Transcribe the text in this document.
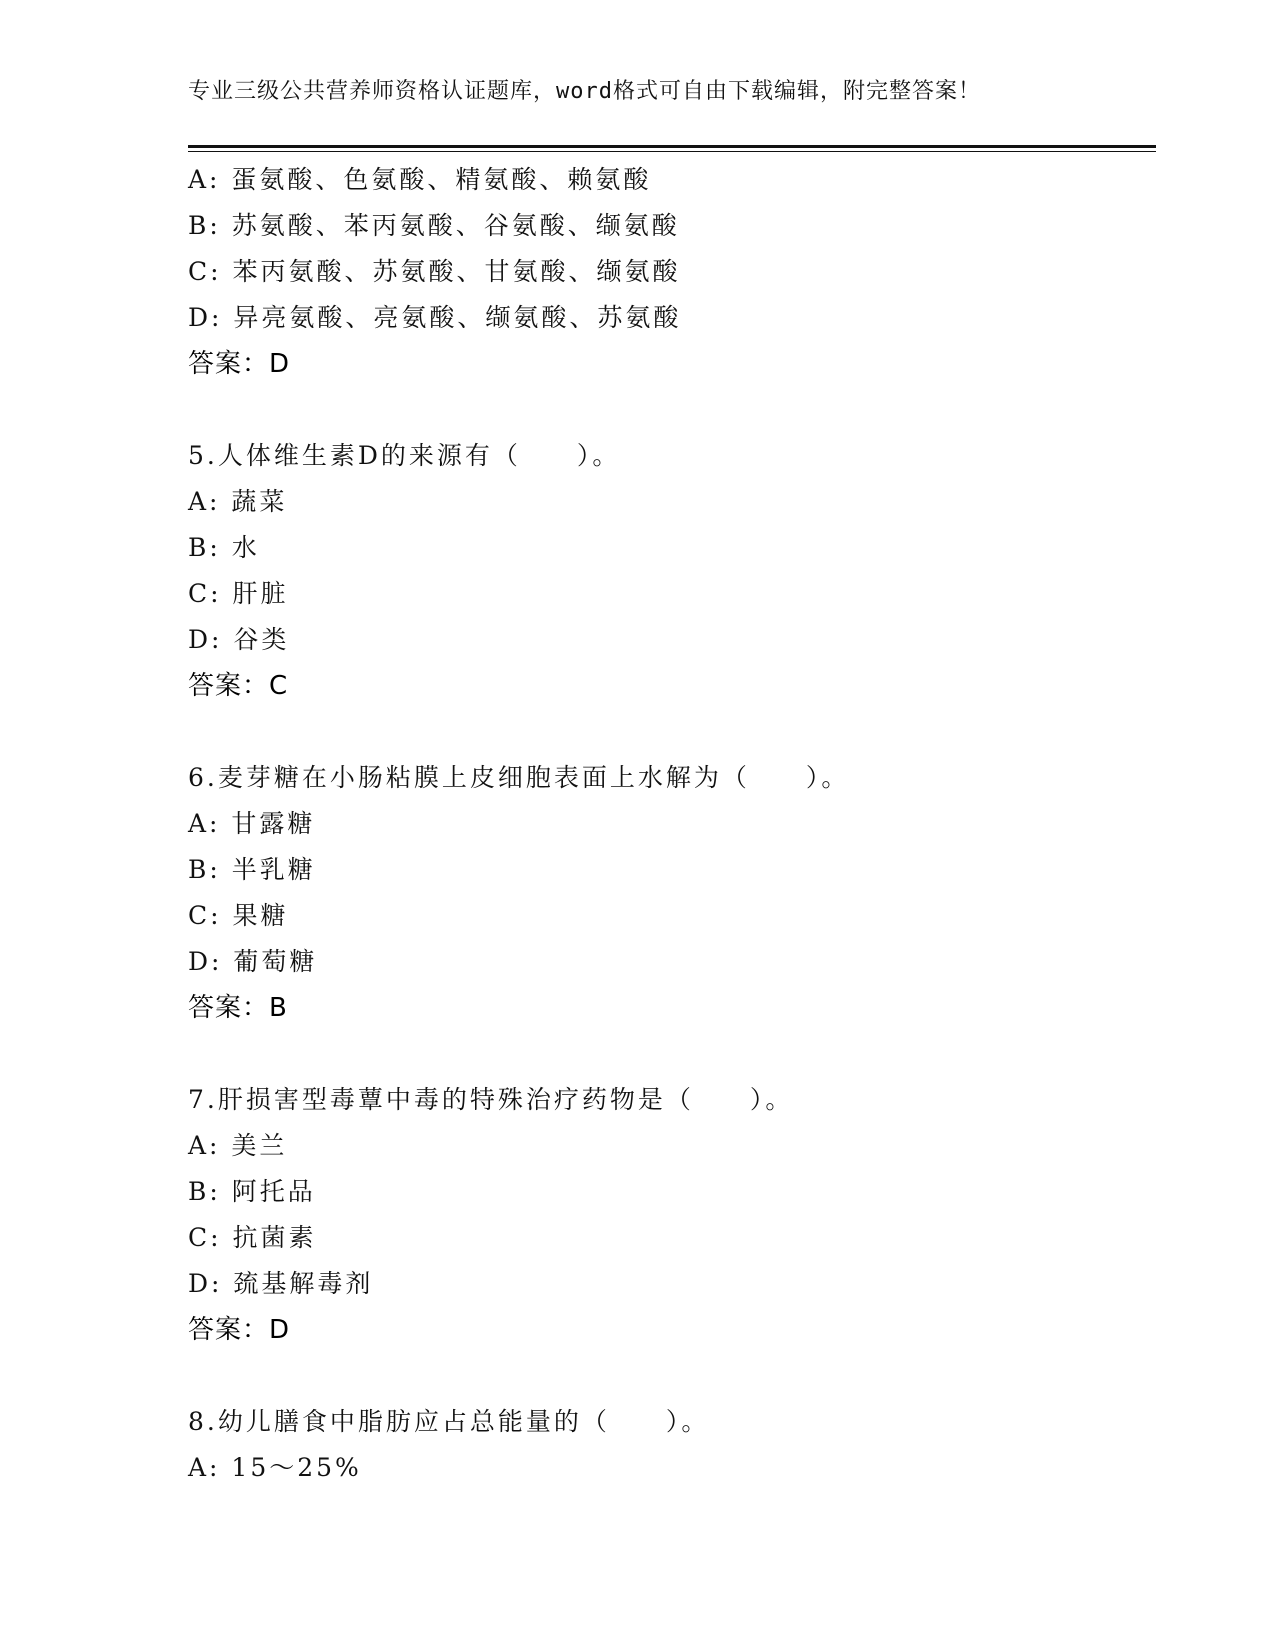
专业三级公共营养师资格认证题库，word格式可自由下载编辑，附完整答案！
A: 蛋氨酸、色氨酸、精氨酸、赖氨酸
B: 苏氨酸、苯丙氨酸、谷氨酸、缬氨酸
C: 苯丙氨酸、苏氨酸、甘氨酸、缬氨酸
D: 异亮氨酸、亮氨酸、缬氨酸、苏氨酸
答案：D
5.人体维生素D的来源有（　　）。
A: 蔬菜
B: 水
C: 肝脏
D: 谷类
答案：C
6.麦芽糖在小肠粘膜上皮细胞表面上水解为（　　）。
A: 甘露糖
B: 半乳糖
C: 果糖
D: 葡萄糖
答案：B
7.肝损害型毒蕈中毒的特殊治疗药物是（　　）。
A: 美兰
B: 阿托品
C: 抗菌素
D: 巯基解毒剂
答案：D
8.幼儿膳食中脂肪应占总能量的（　　）。
A: 15～25%
